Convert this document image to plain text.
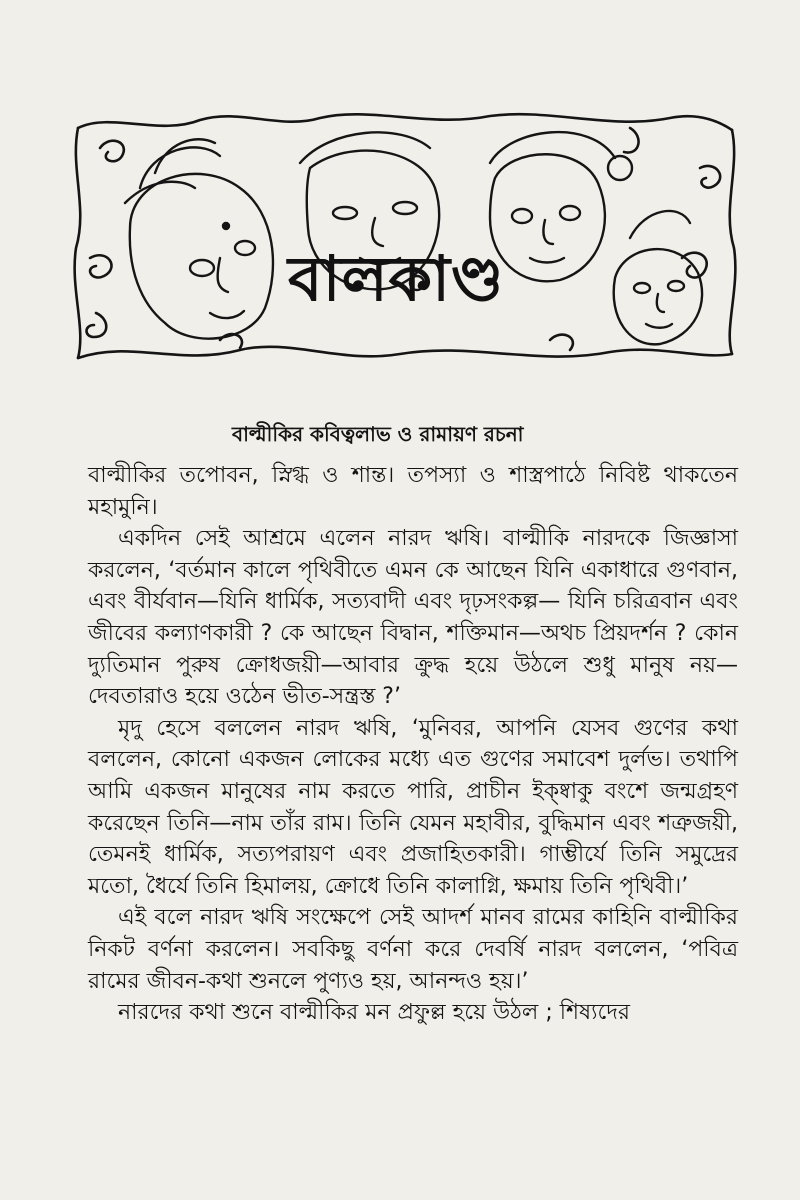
বালকাণ্ড
বাল্মীকির কবিত্বলাভ ও রামায়ণ রচনা

বাল্মীকির তপোবন, স্নিগ্ধ ও শান্ত। তপস্যা ও শাস্ত্রপাঠে নিবিষ্ট থাকতেন মহামুনি।

একদিন সেই আশ্রমে এলেন নারদ ঋষি। বাল্মীকি নারদকে জিজ্ঞাসা করলেন, ‘বর্তমান কালে পৃথিবীতে এমন কে আছেন যিনি একাধারে গুণবান, এবং বীর্যবান—যিনি ধার্মিক, সত্যবাদী এবং দৃঢ়সংকল্প— যিনি চরিত্রবান এবং জীবের কল্যাণকারী ? কে আছেন বিদ্বান, শক্তিমান—অথচ প্রিয়দর্শন ? কোন দ্যুতিমান পুরুষ ক্রোধজয়ী—আবার ক্রুদ্ধ হয়ে উঠলে শুধু মানুষ নয়—দেবতারাও হয়ে ওঠেন ভীত-সন্ত্রস্ত ?’

মৃদু হেসে বললেন নারদ ঋষি, ‘মুনিবর, আপনি যেসব গুণের কথা বললেন, কোনো একজন লোকের মধ্যে এত গুণের সমাবেশ দুর্লভ। তথাপি আমি একজন মানুষের নাম করতে পারি, প্রাচীন ইক্ষ্বাকু বংশে জন্মগ্রহণ করেছেন তিনি—নাম তাঁর রাম। তিনি যেমন মহাবীর, বুদ্ধিমান এবং শত্রুজয়ী, তেমনই ধার্মিক, সত্যপরায়ণ এবং প্রজাহিতকারী। গাম্ভীর্যে তিনি সমুদ্রের মতো, ধৈর্যে তিনি হিমালয়, ক্রোধে তিনি কালাগ্নি, ক্ষমায় তিনি পৃথিবী।’

এই বলে নারদ ঋষি সংক্ষেপে সেই আদর্শ মানব রামের কাহিনি বাল্মীকির নিকট বর্ণনা করলেন। সবকিছু বর্ণনা করে দেবর্ষি নারদ বললেন, ‘পবিত্র রামের জীবন-কথা শুনলে পুণ্যও হয়, আনন্দও হয়।’

নারদের কথা শুনে বাল্মীকির মন প্রফুল্ল হয়ে উঠল ; শিষ্যদের
